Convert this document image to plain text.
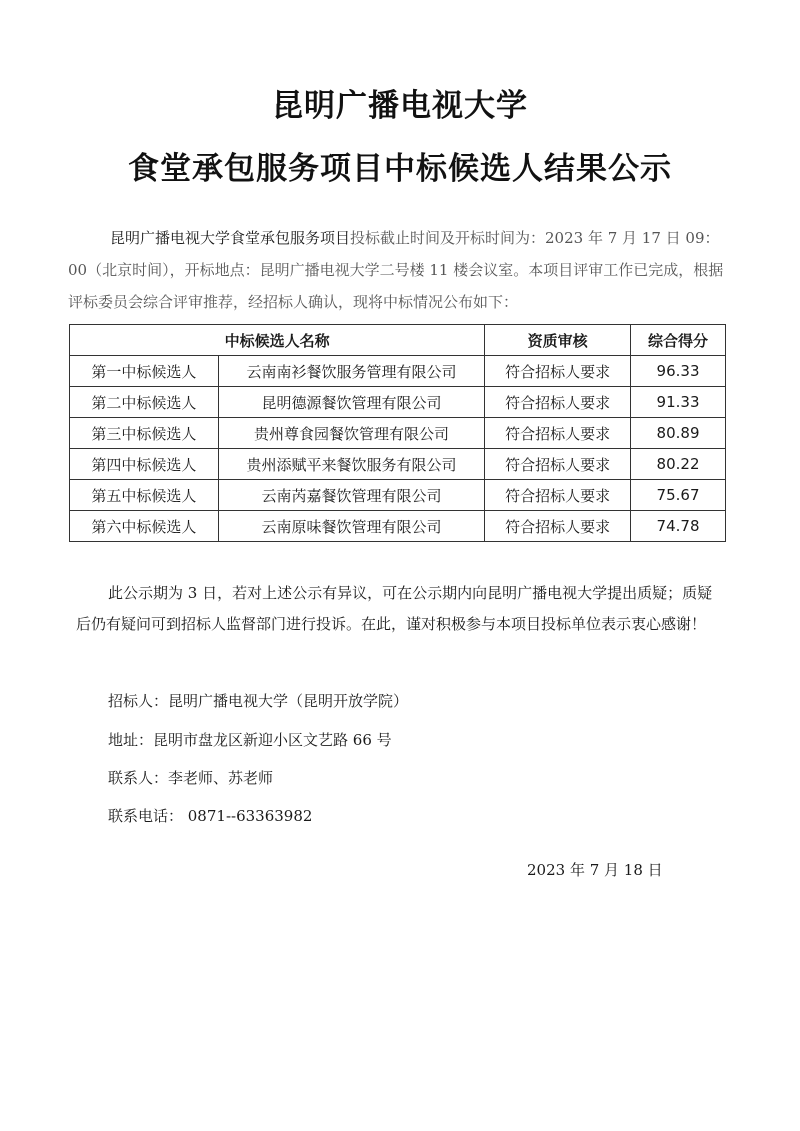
昆明广播电视大学
食堂承包服务项目中标候选人结果公示
昆明广播电视大学食堂承包服务项目投标截止时间及开标时间为：2023 年 7 月 17 日 09：00（北京时间），开标地点：昆明广播电视大学二号楼 11 楼会议室。本项目评审工作已完成，根据评标委员会综合评审推荐，经招标人确认，现将中标情况公布如下：
中标候选人名称		资质审核	综合得分
第一中标候选人	云南南衫餐饮服务管理有限公司	符合招标人要求	96.33
第二中标候选人	昆明德源餐饮管理有限公司	符合招标人要求	91.33
第三中标候选人	贵州尊食园餐饮管理有限公司	符合招标人要求	80.89
第四中标候选人	贵州添赋平来餐饮服务有限公司	符合招标人要求	80.22
第五中标候选人	云南芮嘉餐饮管理有限公司	符合招标人要求	75.67
第六中标候选人	云南原味餐饮管理有限公司	符合招标人要求	74.78
此公示期为 3 日，若对上述公示有异议，可在公示期内向昆明广播电视大学提出质疑；质疑后仍有疑问可到招标人监督部门进行投诉。在此，谨对积极参与本项目投标单位表示衷心感谢！
招标人：昆明广播电视大学（昆明开放学院）
地址：昆明市盘龙区新迎小区文艺路 66 号
联系人：李老师、苏老师
联系电话： 0871--63363982
2023 年 7 月 18 日
